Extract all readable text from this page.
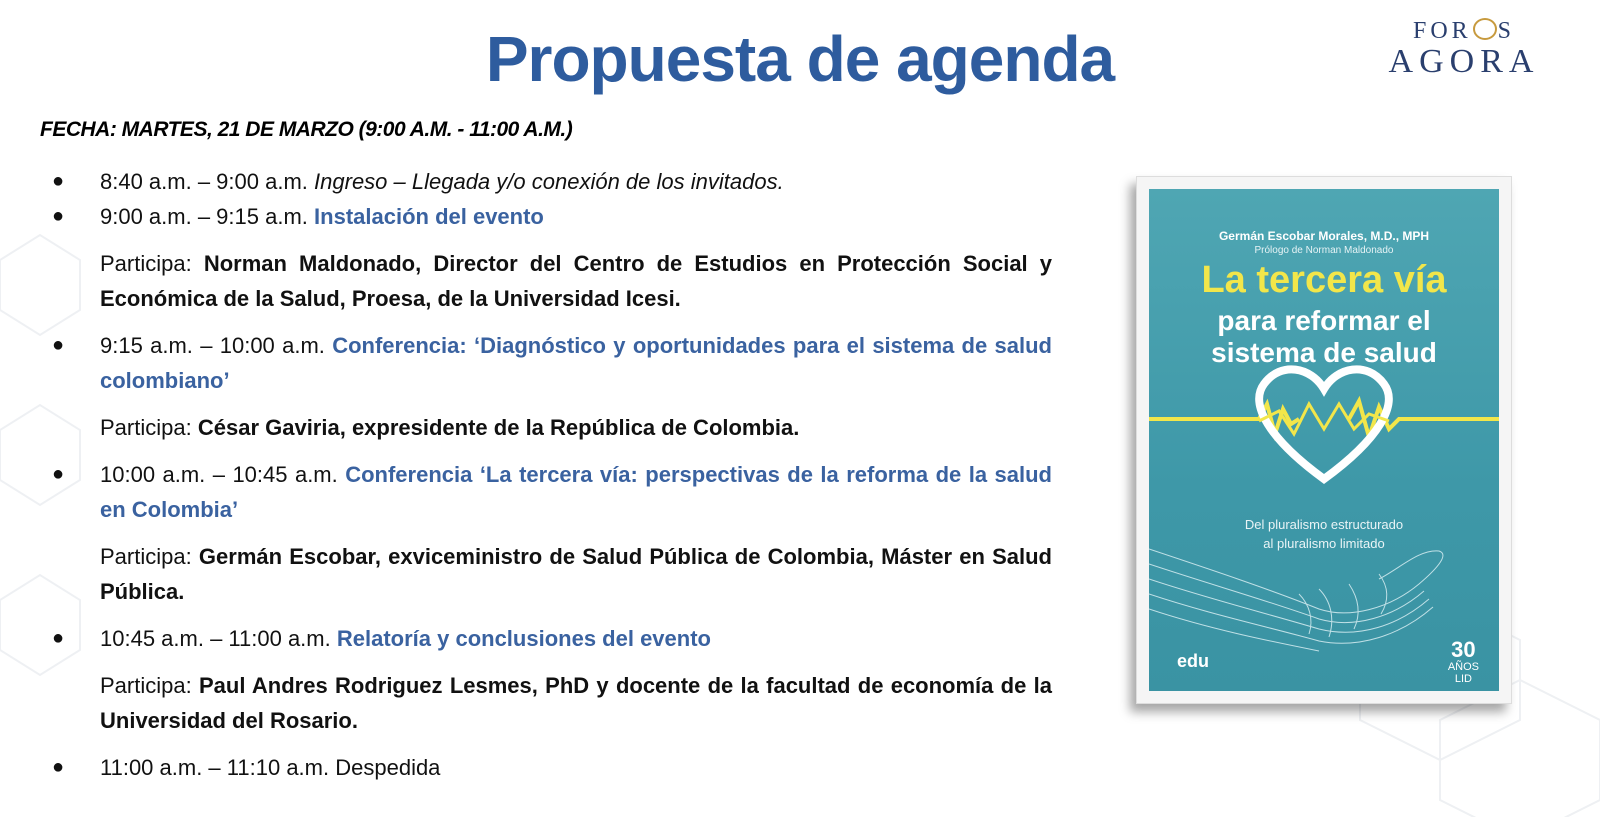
Propuesta de agenda	FOR S
AGORA
FECHA: MARTES, 21 DE MARZO (9:00 A.M. - 11:00 A.M.)
● 8:40 a.m. – 9:00 a.m. Ingreso – Llegada y/o conexión de los invitados.
● 9:00 a.m. – 9:15 a.m. Instalación del evento
Participa: Norman Maldonado, Director del Centro de Estudios en Protección Social y Económica de la Salud, Proesa, de la Universidad Icesi.
● 9:15 a.m. – 10:00 a.m. Conferencia: ‘Diagnóstico y oportunidades para el sistema de salud colombiano’
Participa: César Gaviria, expresidente de la República de Colombia.
● 10:00 a.m. – 10:45 a.m. Conferencia ‘La tercera vía: perspectivas de la reforma de la salud en Colombia’
Participa: Germán Escobar, exviceministro de Salud Pública de Colombia, Máster en Salud Pública.
● 10:45 a.m. – 11:00 a.m. Relatoría y conclusiones del evento
Participa: Paul Andres Rodriguez Lesmes, PhD y docente de la facultad de economía de la Universidad del Rosario.
● 11:00 a.m. – 11:10 a.m. Despedida
Germán Escobar Morales, M.D., MPH
Prólogo de Norman Maldonado
La tercera vía
para reformar el
sistema de salud
Del pluralismo estructurado
al pluralismo limitado
edu	30
AÑOS
LID
